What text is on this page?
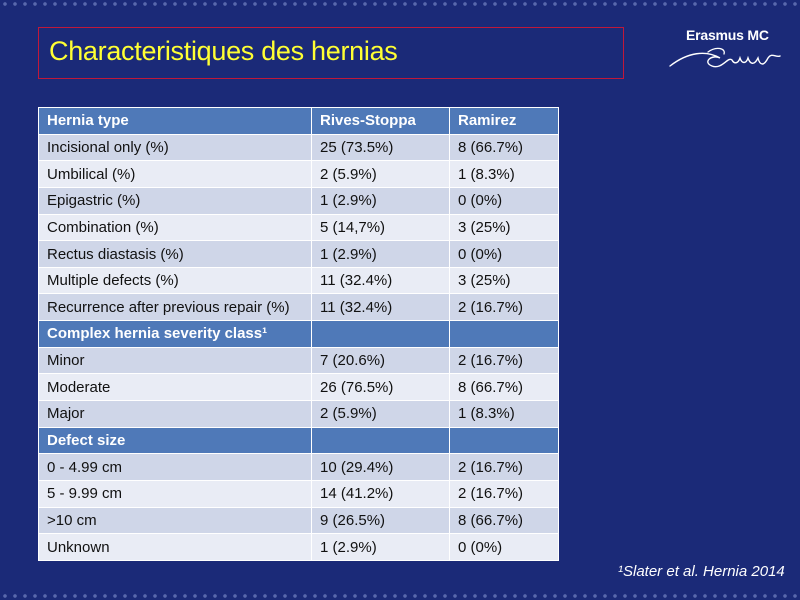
Characteristiques des hernias
Erasmus MC
Hernia type	Rives-Stoppa	Ramirez
Incisional only (%)	25 (73.5%)	8 (66.7%)
Umbilical (%)	2 (5.9%)	1 (8.3%)
Epigastric (%)	1 (2.9%)	0 (0%)
Combination (%)	5 (14,7%)	3 (25%)
Rectus diastasis (%)	1 (2.9%)	0 (0%)
Multiple defects (%)	11 (32.4%)	3 (25%)
Recurrence after previous repair (%)	11 (32.4%)	2 (16.7%)
Complex hernia severity class¹		
Minor	7 (20.6%)	2 (16.7%)
Moderate	26 (76.5%)	8 (66.7%)
Major	2 (5.9%)	1 (8.3%)
Defect size		
0 - 4.99 cm	10 (29.4%)	2 (16.7%)
5 - 9.99 cm	14 (41.2%)	2 (16.7%)
>10 cm	9 (26.5%)	8 (66.7%)
Unknown	1 (2.9%)	0 (0%)
¹Slater et al. Hernia 2014
